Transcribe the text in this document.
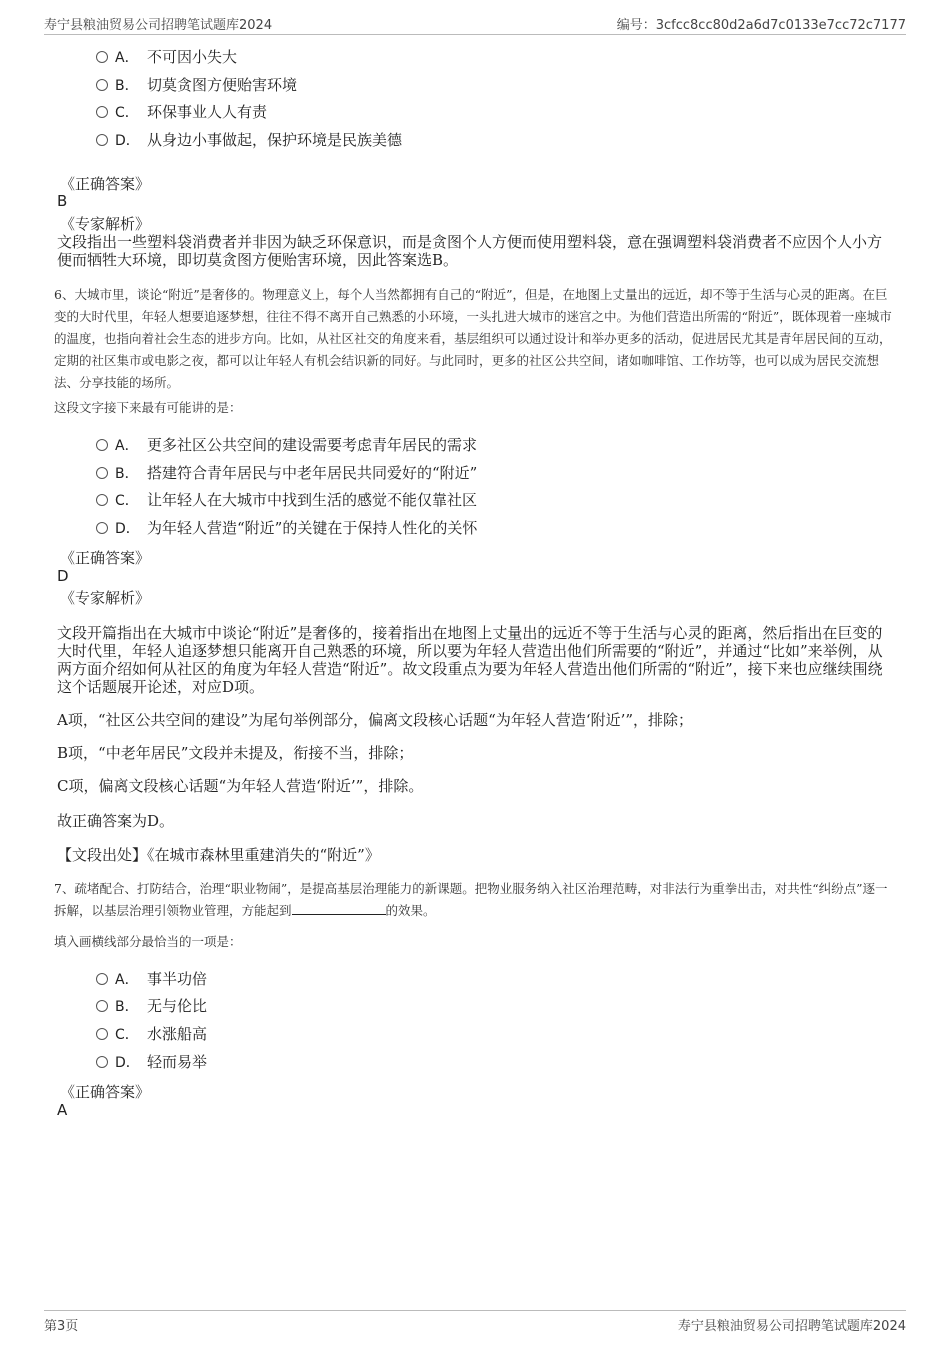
寿宁县粮油贸易公司招聘笔试题库2024	编号：3cfcc8cc80d2a6d7c0133e7cc72c7177
A． 不可因小失大
B． 切莫贪图方便贻害环境
C． 环保事业人人有责
D． 从身边小事做起，保护环境是民族美德
《正确答案》
B
《专家解析》
文段指出一些塑料袋消费者并非因为缺乏环保意识，而是贪图个人方便而使用塑料袋，意在强调塑料袋消费者不应因个人小方便而牺牲大环境，即切莫贪图方便贻害环境，因此答案选B。
6、大城市里，谈论“附近”是奢侈的。物理意义上，每个人当然都拥有自己的“附近”，但是，在地图上丈量出的远近，却不等于生活与心灵的距离。在巨变的大时代里，年轻人想要追逐梦想，往往不得不离开自己熟悉的小环境，一头扎进大城市的迷宫之中。为他们营造出所需的“附近”，既体现着一座城市的温度，也指向着社会生态的进步方向。比如，从社区社交的角度来看，基层组织可以通过设计和举办更多的活动，促进居民尤其是青年居民间的互动，定期的社区集市或电影之夜，都可以让年轻人有机会结识新的同好。与此同时，更多的社区公共空间，诸如咖啡馆、工作坊等，也可以成为居民交流想法、分享技能的场所。
这段文字接下来最有可能讲的是：
A． 更多社区公共空间的建设需要考虑青年居民的需求
B． 搭建符合青年居民与中老年居民共同爱好的“附近”
C． 让年轻人在大城市中找到生活的感觉不能仅靠社区
D． 为年轻人营造“附近”的关键在于保持人性化的关怀
《正确答案》
D
《专家解析》
文段开篇指出在大城市中谈论“附近”是奢侈的，接着指出在地图上丈量出的远近不等于生活与心灵的距离，然后指出在巨变的大时代里，年轻人追逐梦想只能离开自己熟悉的环境，所以要为年轻人营造出他们所需要的“附近”，并通过“比如”来举例，从两方面介绍如何从社区的角度为年轻人营造“附近”。故文段重点为要为年轻人营造出他们所需的“附近”，接下来也应继续围绕这个话题展开论述，对应D项。
A项，“社区公共空间的建设”为尾句举例部分，偏离文段核心话题“为年轻人营造‘附近’”，排除；
B项，“中老年居民”文段并未提及，衔接不当，排除；
C项，偏离文段核心话题“为年轻人营造‘附近’”，排除。
故正确答案为D。
【文段出处】《在城市森林里重建消失的“附近”》
7、疏堵配合、打防结合，治理“职业物闹”，是提高基层治理能力的新课题。把物业服务纳入社区治理范畴，对非法行为重拳出击，对共性“纠纷点”逐一拆解，以基层治理引领物业管理，方能起到	的效果。
填入画横线部分最恰当的一项是：
A． 事半功倍
B． 无与伦比
C． 水涨船高
D． 轻而易举
《正确答案》
A
第3页	寿宁县粮油贸易公司招聘笔试题库2024
